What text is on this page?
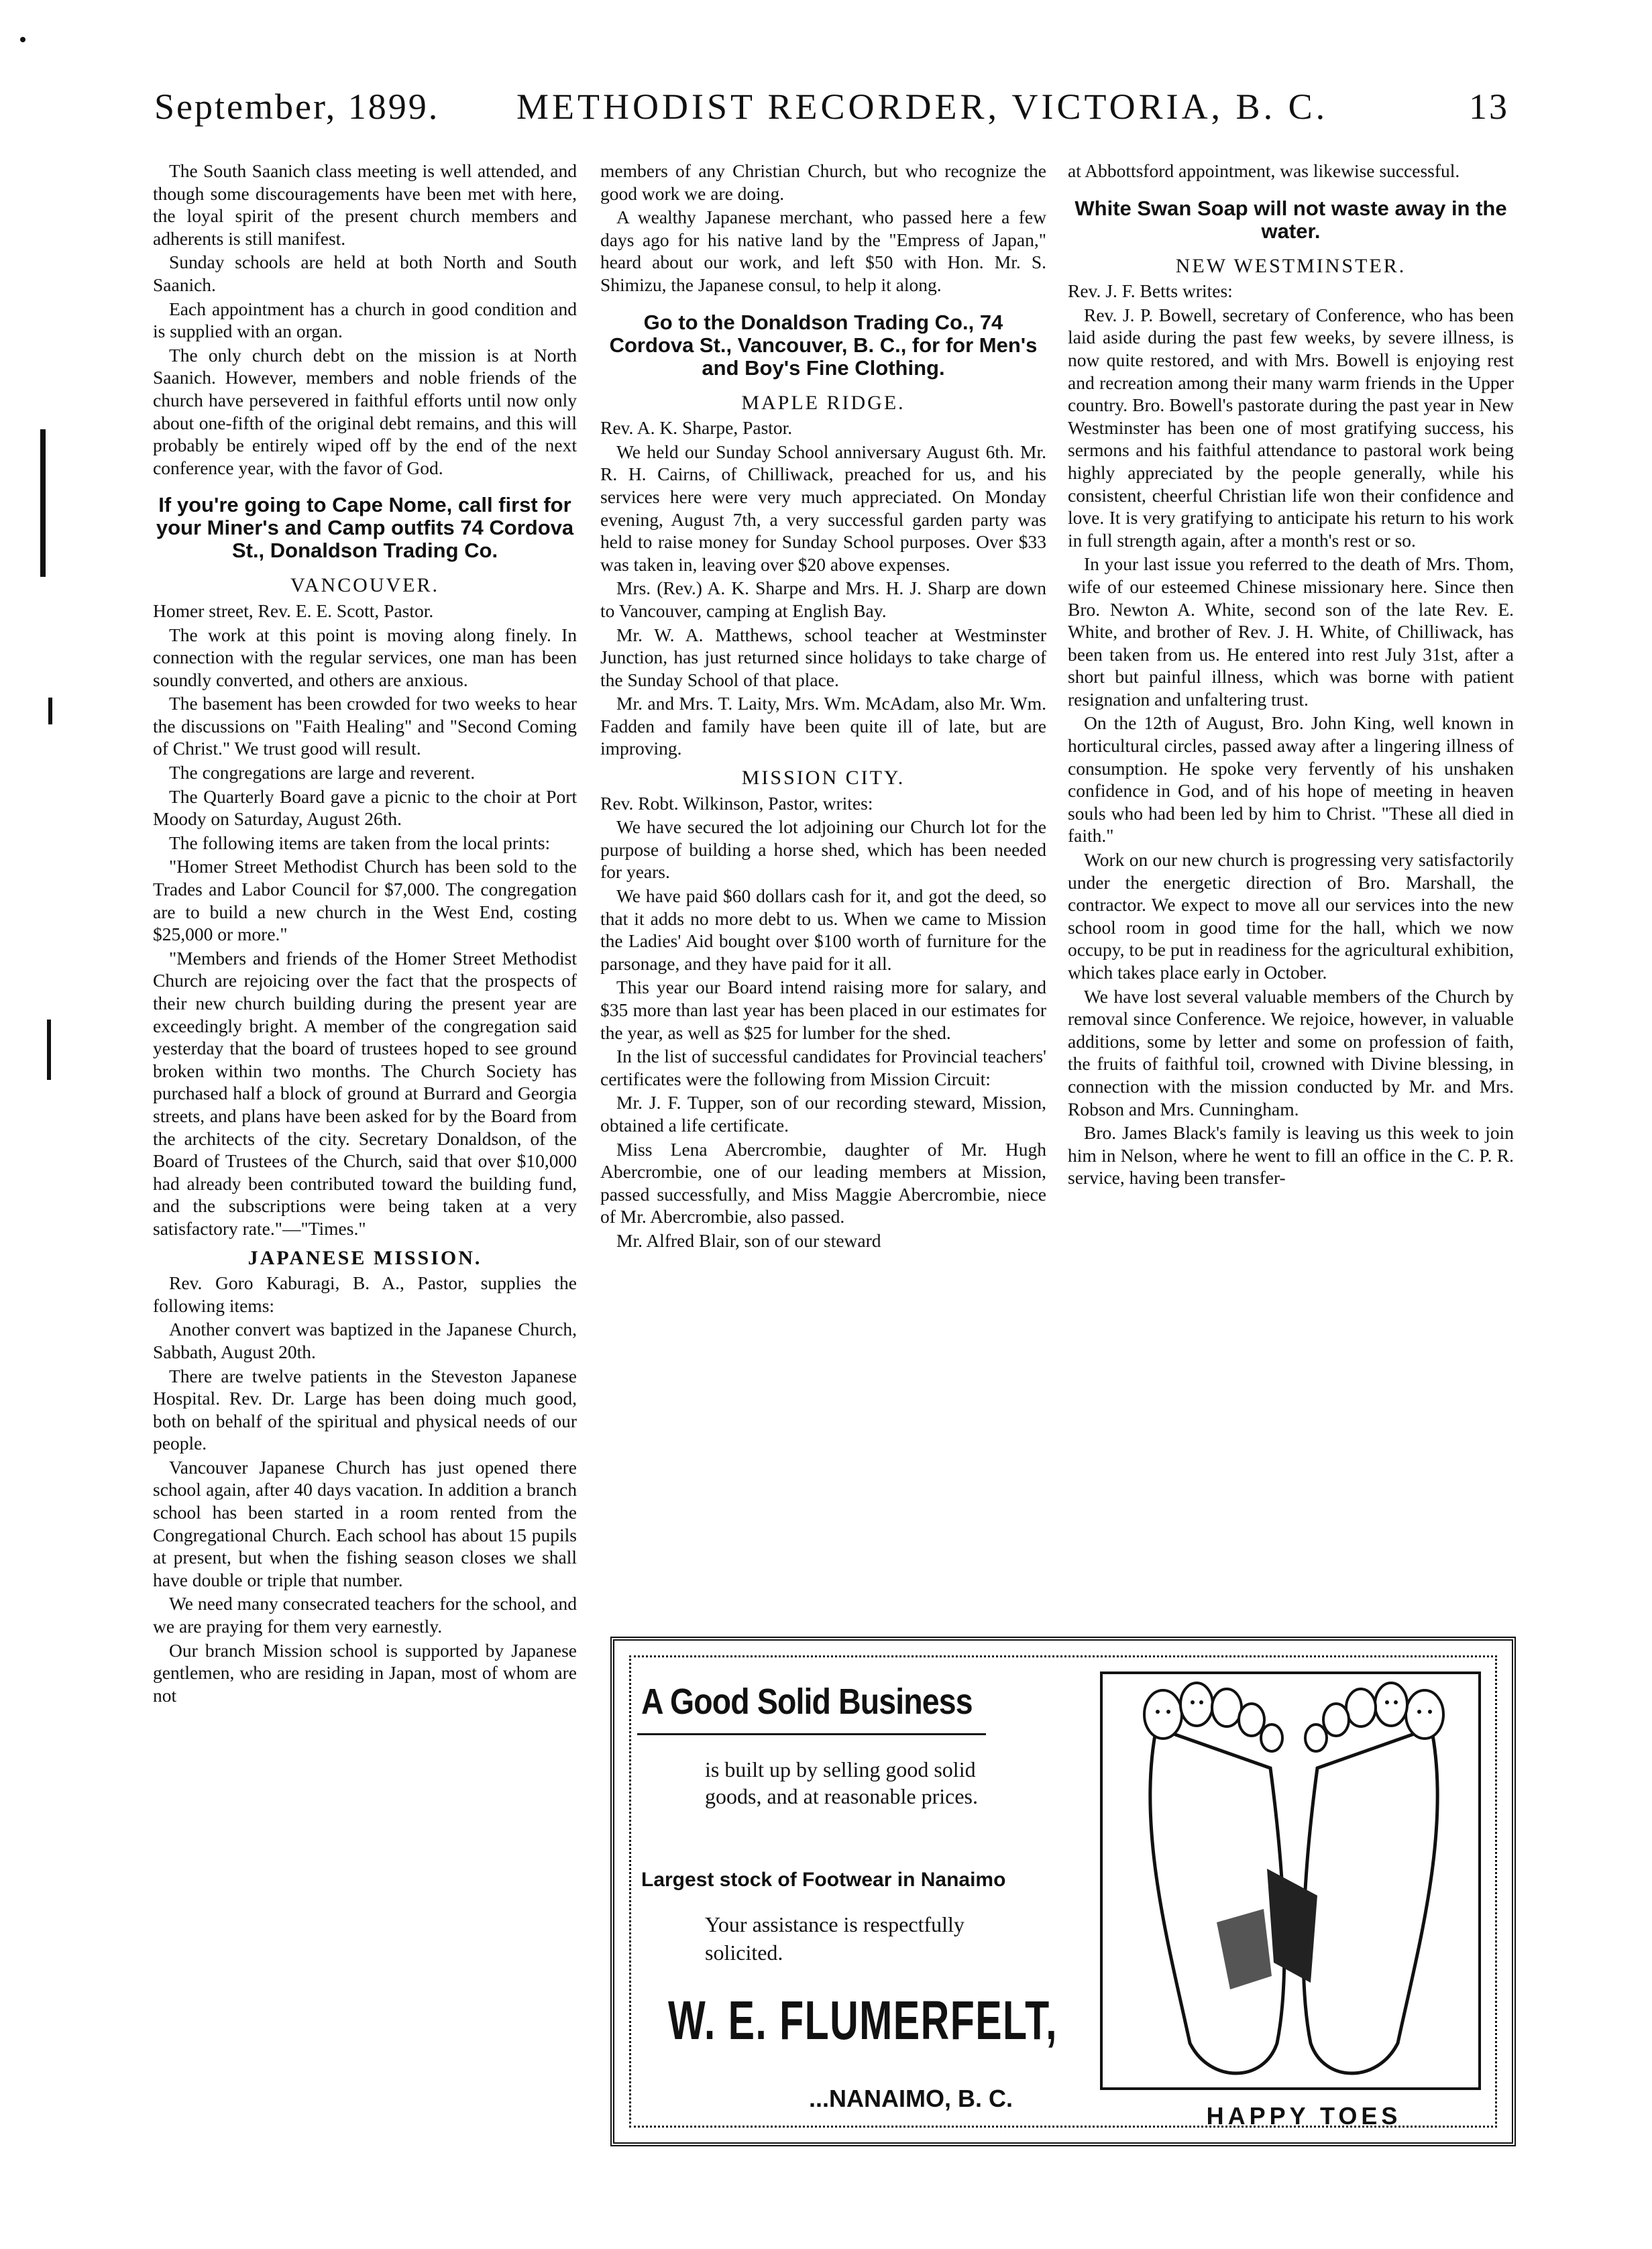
September, 1899. METHODIST RECORDER, VICTORIA, B. C.	13

The South Saanich class meeting is well attended, and though some discouragements have been met with here, the loyal spirit of the present church members and adherents is still manifest.

Sunday schools are held at both North and South Saanich.

Each appointment has a church in good condition and is supplied with an organ.

The only church debt on the mission is at North Saanich. However, members and noble friends of the church have persevered in faithful efforts until now only about one-fifth of the original debt remains, and this will probably be entirely wiped off by the end of the next conference year, with the favor of God.

If you're going to Cape Nome, call first for your Miner's and Camp outfits 74 Cordova St., Donaldson Trading Co.
VANCOUVER.

Homer street, Rev. E. E. Scott, Pastor.

The work at this point is moving along finely. In connection with the regular services, one man has been soundly converted, and others are anxious.

The basement has been crowded for two weeks to hear the discussions on "Faith Healing" and "Second Coming of Christ." We trust good will result.

The congregations are large and reverent.

The Quarterly Board gave a picnic to the choir at Port Moody on Saturday, August 26th.

The following items are taken from the local prints:

"Homer Street Methodist Church has been sold to the Trades and Labor Council for $7,000. The congregation are to build a new church in the West End, costing $25,000 or more."

"Members and friends of the Homer Street Methodist Church are rejoicing over the fact that the prospects of their new church building during the present year are exceedingly bright. A member of the congregation said yesterday that the board of trustees hoped to see ground broken within two months. The Church Society has purchased half a block of ground at Burrard and Georgia streets, and plans have been asked for by the Board from the architects of the city. Secretary Donaldson, of the Board of Trustees of the Church, said that over $10,000 had already been contributed toward the building fund, and the subscriptions were being taken at a very satisfactory rate."—"Times."

JAPANESE MISSION.

Rev. Goro Kaburagi, B. A., Pastor, supplies the following items:

Another convert was baptized in the Japanese Church, Sabbath, August 20th.

There are twelve patients in the Steveston Japanese Hospital. Rev. Dr. Large has been doing much good, both on behalf of the spiritual and physical needs of our people.

Vancouver Japanese Church has just opened there school again, after 40 days vacation. In addition a branch school has been started in a room rented from the Congregational Church. Each school has about 15 pupils at present, but when the fishing season closes we shall have double or triple that number.

We need many consecrated teachers for the school, and we are praying for them very earnestly.

Our branch Mission school is supported by Japanese gentlemen, who are residing in Japan, most of whom are not

members of any Christian Church, but who recognize the good work we are doing.

A wealthy Japanese merchant, who passed here a few days ago for his native land by the "Empress of Japan," heard about our work, and left $50 with Hon. Mr. S. Shimizu, the Japanese consul, to help it along.

Go to the Donaldson Trading Co., 74 Cordova St., Vancouver, B. C., for for Men's and Boy's Fine Clothing.
MAPLE RIDGE.

Rev. A. K. Sharpe, Pastor.

We held our Sunday School anniversary August 6th. Mr. R. H. Cairns, of Chilliwack, preached for us, and his services here were very much appreciated. On Monday evening, August 7th, a very successful garden party was held to raise money for Sunday School purposes. Over $33 was taken in, leaving over $20 above expenses.

Mrs. (Rev.) A. K. Sharpe and Mrs. H. J. Sharp are down to Vancouver, camping at English Bay.

Mr. W. A. Matthews, school teacher at Westminster Junction, has just returned since holidays to take charge of the Sunday School of that place.

Mr. and Mrs. T. Laity, Mrs. Wm. McAdam, also Mr. Wm. Fadden and family have been quite ill of late, but are improving.

MISSION CITY.

Rev. Robt. Wilkinson, Pastor, writes:

We have secured the lot adjoining our Church lot for the purpose of building a horse shed, which has been needed for years.

We have paid $60 dollars cash for it, and got the deed, so that it adds no more debt to us. When we came to Mission the Ladies' Aid bought over $100 worth of furniture for the parsonage, and they have paid for it all.

This year our Board intend raising more for salary, and $35 more than last year has been placed in our estimates for the year, as well as $25 for lumber for the shed.

In the list of successful candidates for Provincial teachers' certificates were the following from Mission Circuit:

Mr. J. F. Tupper, son of our recording steward, Mission, obtained a life certificate.

Miss Lena Abercrombie, daughter of Mr. Hugh Abercrombie, one of our leading members at Mission, passed successfully, and Miss Maggie Abercrombie, niece of Mr. Abercrombie, also passed.

Mr. Alfred Blair, son of our steward

at Abbottsford appointment, was likewise successful.

White Swan Soap will not waste away in the water.
NEW WESTMINSTER.

Rev. J. F. Betts writes:

Rev. J. P. Bowell, secretary of Conference, who has been laid aside during the past few weeks, by severe illness, is now quite restored, and with Mrs. Bowell is enjoying rest and recreation among their many warm friends in the Upper country. Bro. Bowell's pastorate during the past year in New Westminster has been one of most gratifying success, his sermons and his faithful attendance to pastoral work being highly appreciated by the people generally, while his consistent, cheerful Christian life won their confidence and love. It is very gratifying to anticipate his return to his work in full strength again, after a month's rest or so.

In your last issue you referred to the death of Mrs. Thom, wife of our esteemed Chinese missionary here. Since then Bro. Newton A. White, second son of the late Rev. E. White, and brother of Rev. J. H. White, of Chilliwack, has been taken from us. He entered into rest July 31st, after a short but painful illness, which was borne with patient resignation and unfaltering trust.

On the 12th of August, Bro. John King, well known in horticultural circles, passed away after a lingering illness of consumption. He spoke very fervently of his unshaken confidence in God, and of his hope of meeting in heaven souls who had been led by him to Christ. "These all died in faith."

Work on our new church is progressing very satisfactorily under the energetic direction of Bro. Marshall, the contractor. We expect to move all our services into the new school room in good time for the hall, which we now occupy, to be put in readiness for the agricultural exhibition, which takes place early in October.

We have lost several valuable members of the Church by removal since Conference. We rejoice, however, in valuable additions, some by letter and some on profession of faith, the fruits of faithful toil, crowned with Divine blessing, in connection with the mission conducted by Mr. and Mrs. Robson and Mrs. Cunningham.

Bro. James Black's family is leaving us this week to join him in Nelson, where he went to fill an office in the C. P. R. service, having been transfer-

A Good Solid Business
is built up by selling good solid goods, and at reasonable prices.
Largest stock of Footwear in Nanaimo
Your assistance is respectfully solicited.
W. E. FLUMERFELT,
...NANAIMO, B. C.
HAPPY TOES
